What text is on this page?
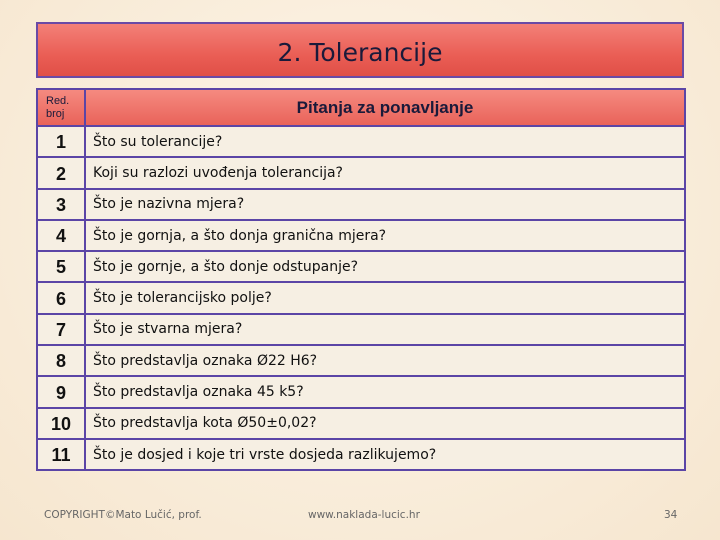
2. Tolerancije
Red. broj	Pitanja za ponavljanje
1	Što su tolerancije?
2	Koji su razlozi uvođenja tolerancija?
3	Što je nazivna mjera?
4	Što je gornja, a što donja granična mjera?
5	Što je gornje, a što donje odstupanje?
6	Što je tolerancijsko polje?
7	Što je stvarna mjera?
8	Što predstavlja oznaka Ø22 H6?
9	Što predstavlja oznaka 45 k5?
10	Što predstavlja kota Ø50±0,02?
11	Što je dosjed i koje tri vrste dosjeda razlikujemo?
COPYRIGHT©Mato Lučić, prof.	www.naklada-lucic.hr	34
